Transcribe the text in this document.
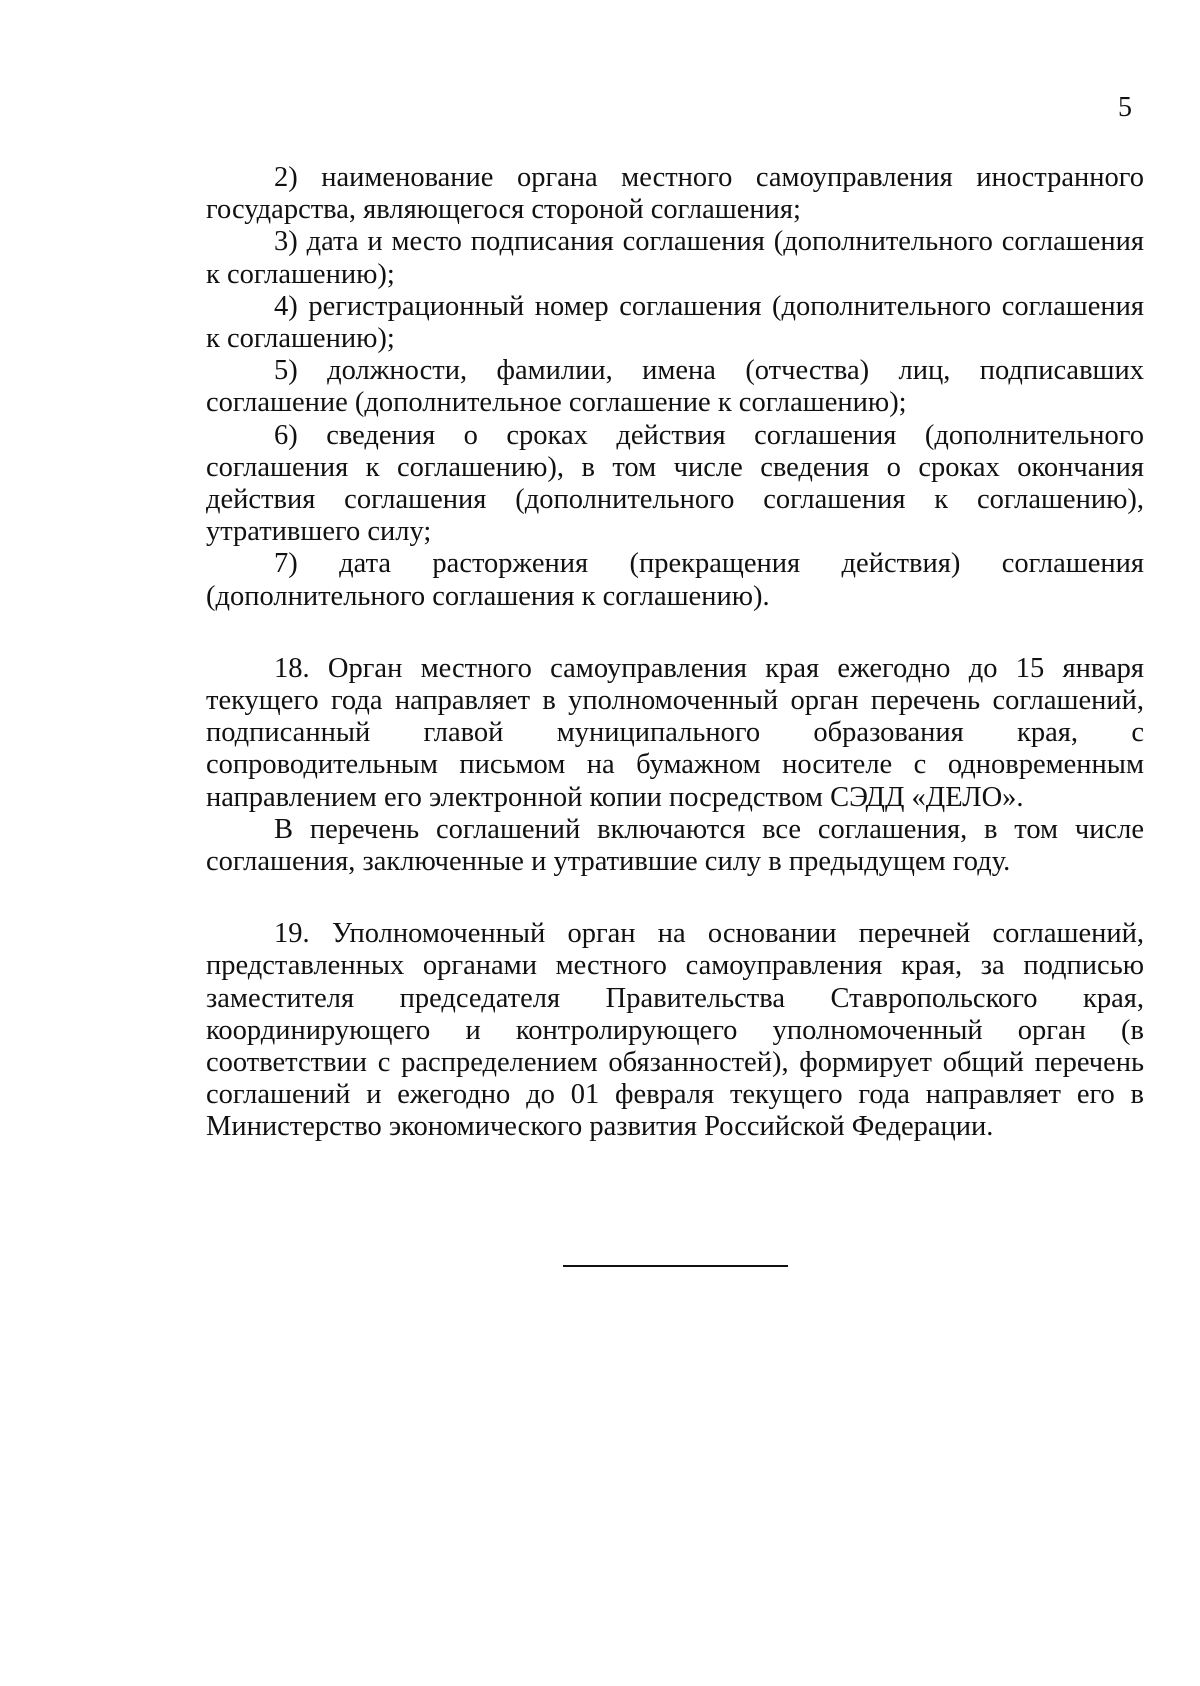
5

2) наименование органа местного самоуправления иностранного государства, являющегося стороной соглашения;

3) дата и место подписания соглашения (дополнительного соглашения к соглашению);

4) регистрационный номер соглашения (дополнительного соглашения к соглашению);

5) должности, фамилии, имена (отчества) лиц, подписавших соглашение (дополнительное соглашение к соглашению);

6) сведения о сроках действия соглашения (дополнительного соглашения к соглашению), в том числе сведения о сроках окончания действия соглашения (дополнительного соглашения к соглашению), утратившего силу;

7) дата расторжения (прекращения действия) соглашения (дополнительного соглашения к соглашению).

18. Орган местного самоуправления края ежегодно до 15 января текущего года направляет в уполномоченный орган перечень соглашений, подписанный главой муниципального образования края, с сопроводительным письмом на бумажном носителе с одновременным направлением его электронной копии посредством СЭДД «ДЕЛО».

В перечень соглашений включаются все соглашения, в том числе соглашения, заключенные и утратившие силу в предыдущем году.

19. Уполномоченный орган на основании перечней соглашений, представленных органами местного самоуправления края, за подписью заместителя председателя Правительства Ставропольского края, координирующего и контролирующего уполномоченный орган (в соответствии с распределением обязанностей), формирует общий перечень соглашений и ежегодно до 01 февраля текущего года направляет его в Министерство экономического развития Российской Федерации.
